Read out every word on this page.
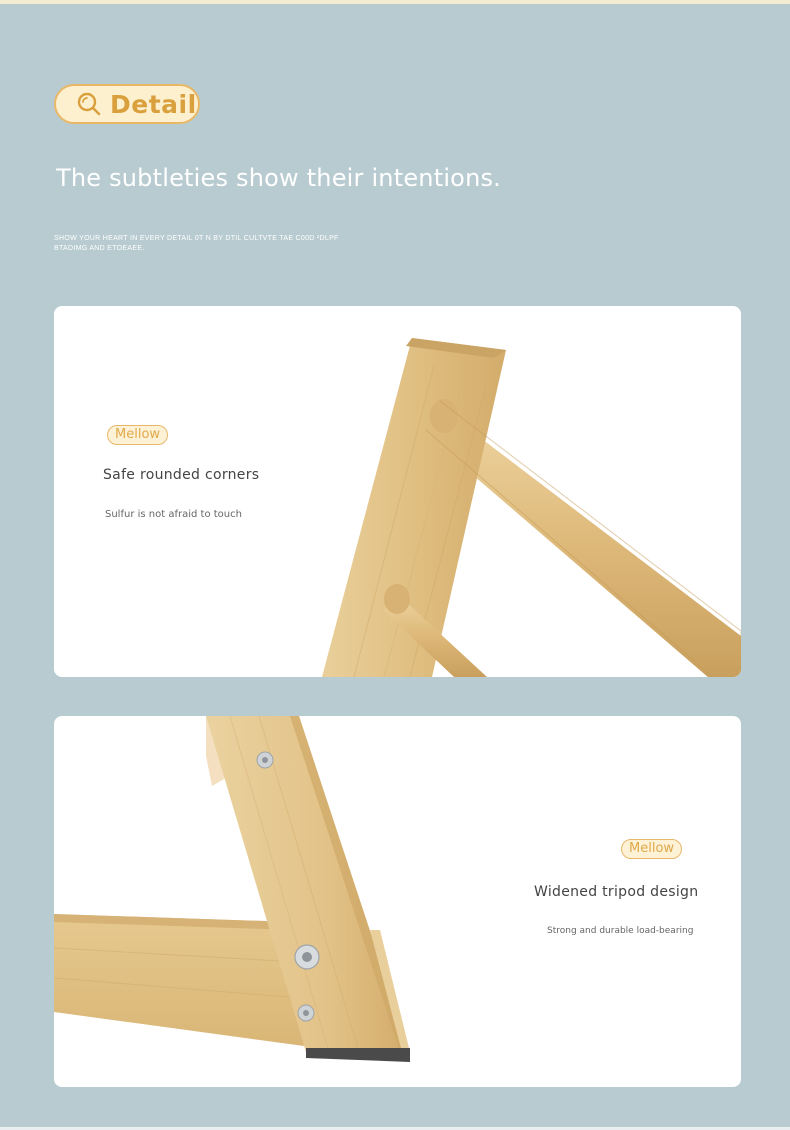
Detail
The subtleties show their intentions.
SHOW YOUR HEART IN EVERY DETAIL 0T N BY DTIL CULTVTE TAE C00D ²DLPF BTADIMG AND ETOEAEE.
Mellow
Safe rounded corners
Sulfur is not afraid to touch
Mellow
Widened tripod design
Strong and durable load-bearing
